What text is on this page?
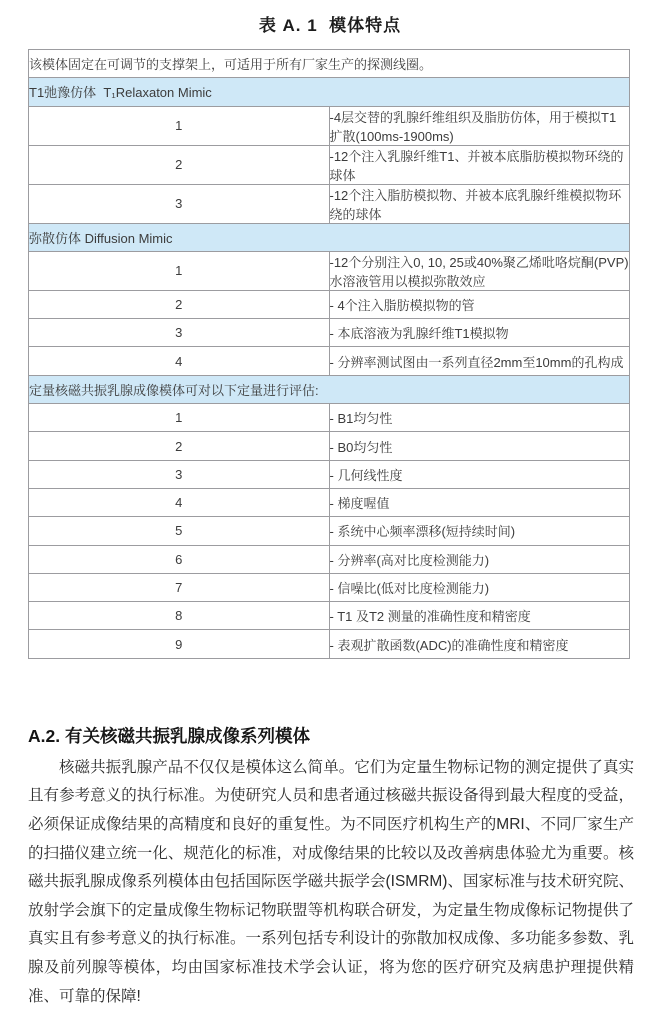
表 A. 1  模体特点
该模体固定在可调节的支撑架上，可适用于所有厂家生产的探测线圈。	
T1弛豫仿体  T₁Relaxaton Mimic	
1	-4层交替的乳腺纤维组织及脂肪仿体，用于模拟T1扩散(100ms-1900ms)
2	-12个注入乳腺纤维T1、并被本底脂肪模拟物环绕的球体
3	-12个注入脂肪模拟物、并被本底乳腺纤维模拟物环绕的球体
弥散仿体 Diffusion Mimic	
1	-12个分别注入0, 10, 25或40%聚乙烯吡咯烷酮(PVP)水溶液管用以模拟弥散效应
2	- 4个注入脂肪模拟物的管
3	- 本底溶液为乳腺纤维T1模拟物
4	- 分辨率测试图由一系列直径2mm至10mm的孔构成
定量核磁共振乳腺成像模体可对以下定量进行评估:	
1	- B1均匀性
2	- B0均匀性
3	- 几何线性度
4	- 梯度喔值
5	- 系统中心频率漂移(短持续时间)
6	- 分辨率(高对比度检测能力)
7	- 信噪比(低对比度检测能力)
8	- T1 及T2 测量的准确性度和精密度
9	- 表观扩散函数(ADC)的准确性度和精密度
A.2. 有关核磁共振乳腺成像系列模体
核磁共振乳腺产品不仅仅是模体这么简单。它们为定量生物标记物的测定提供了真实且有参考意义的执行标准。为使研究人员和患者通过核磁共振设备得到最大程度的受益，必须保证成像结果的高精度和良好的重复性。为不同医疗机构生产的MRI、不同厂家生产的扫描仪建立统一化、规范化的标准，对成像结果的比较以及改善病患体验尤为重要。核磁共振乳腺成像系列模体由包括国际医学磁共振学会(ISMRM)、国家标准与技术研究院、放射学会旗下的定量成像生物标记物联盟等机构联合研发，为定量生物成像标记物提供了真实且有参考意义的执行标准。一系列包括专利设计的弥散加权成像、多功能多参数、乳腺及前列腺等模体，均由国家标准技术学会认证，将为您的医疗研究及病患护理提供精准、可靠的保障!
